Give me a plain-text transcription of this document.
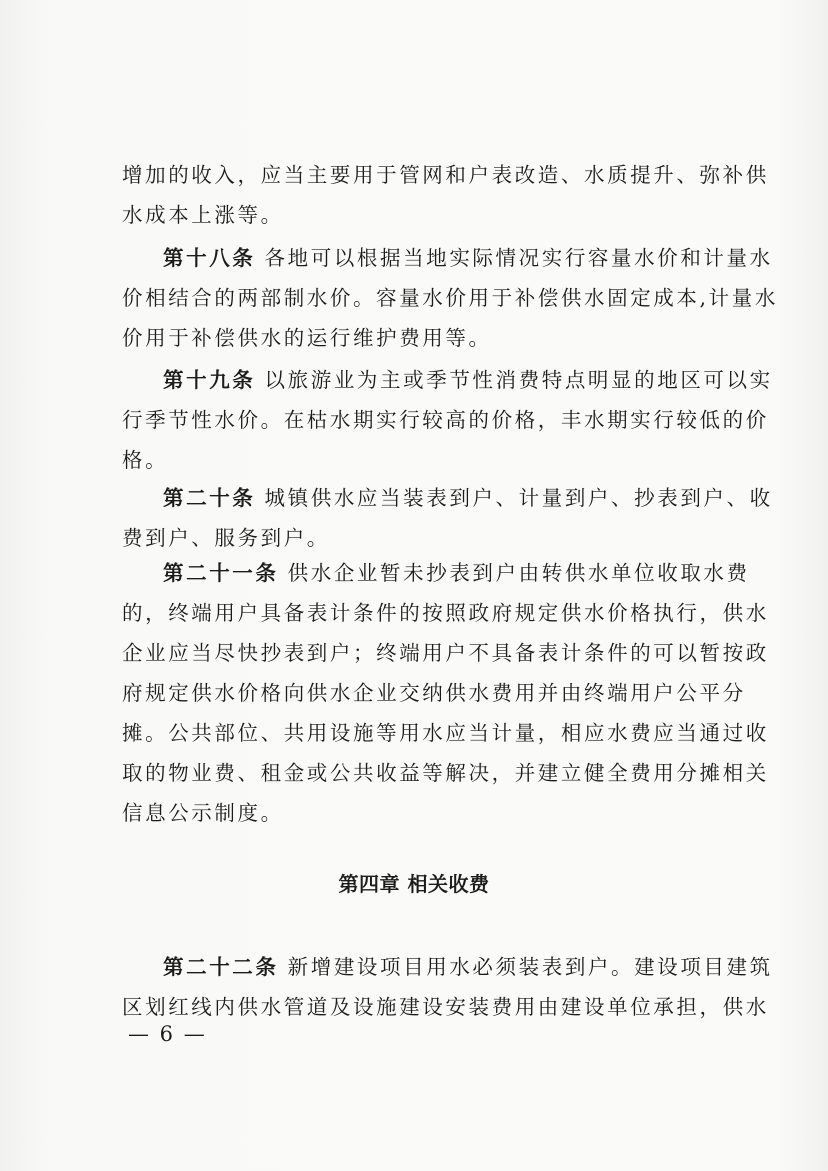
增加的收入，应当主要用于管网和户表改造、水质提升、弥补供
水成本上涨等。
第十八条 各地可以根据当地实际情况实行容量水价和计量水
价相结合的两部制水价。容量水价用于补偿供水固定成本,计量水
价用于补偿供水的运行维护费用等。
第十九条 以旅游业为主或季节性消费特点明显的地区可以实
行季节性水价。在枯水期实行较高的价格，丰水期实行较低的价
格。
第二十条 城镇供水应当装表到户、计量到户、抄表到户、收
费到户、服务到户。
第二十一条 供水企业暂未抄表到户由转供水单位收取水费
的，终端用户具备表计条件的按照政府规定供水价格执行，供水
企业应当尽快抄表到户；终端用户不具备表计条件的可以暂按政
府规定供水价格向供水企业交纳供水费用并由终端用户公平分
摊。公共部位、共用设施等用水应当计量，相应水费应当通过收
取的物业费、租金或公共收益等解决，并建立健全费用分摊相关
信息公示制度。
第四章 相关收费
第二十二条 新增建设项目用水必须装表到户。建设项目建筑
区划红线内供水管道及设施建设安装费用由建设单位承担，供水
— 6 —
